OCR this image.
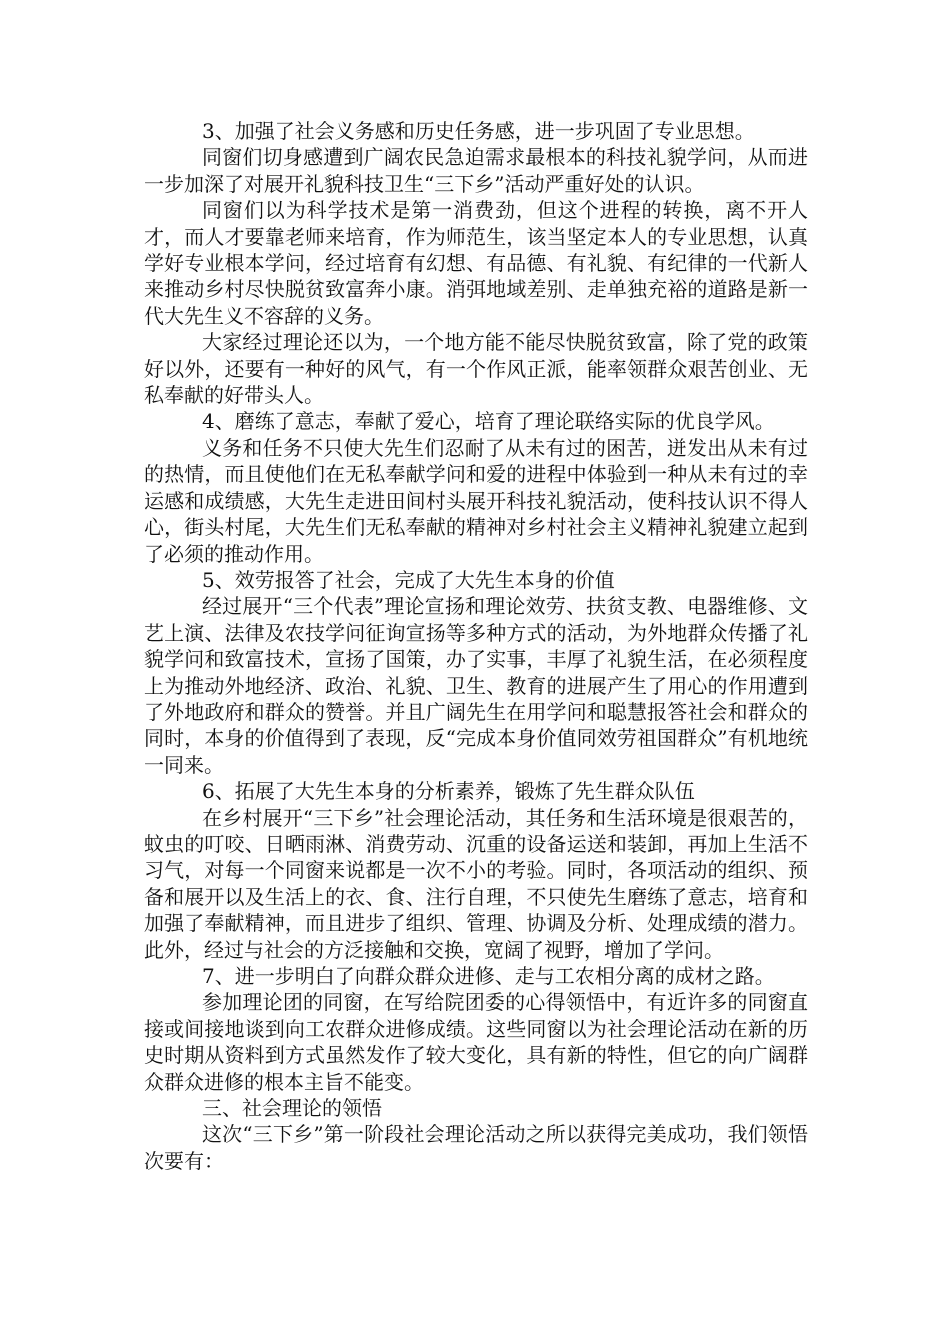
3、加强了社会义务感和历史任务感，进一步巩固了专业思想。

同窗们切身感遭到广阔农民急迫需求最根本的科技礼貌学问，从而进一步加深了对展开礼貌科技卫生“三下乡”活动严重好处的认识。

同窗们以为科学技术是第一消费劲，但这个进程的转换，离不开人才，而人才要靠老师来培育，作为师范生，该当坚定本人的专业思想，认真学好专业根本学问，经过培育有幻想、有品德、有礼貌、有纪律的一代新人来推动乡村尽快脱贫致富奔小康。消弭地域差别、走单独充裕的道路是新一代大先生义不容辞的义务。

大家经过理论还以为，一个地方能不能尽快脱贫致富，除了党的政策好以外，还要有一种好的风气，有一个作风正派，能率领群众艰苦创业、无私奉献的好带头人。

4、磨练了意志，奉献了爱心，培育了理论联络实际的优良学风。

义务和任务不只使大先生们忍耐了从未有过的困苦，迸发出从未有过的热情，而且使他们在无私奉献学问和爱的进程中体验到一种从未有过的幸运感和成绩感，大先生走进田间村头展开科技礼貌活动，使科技认识不得人心，街头村尾，大先生们无私奉献的精神对乡村社会主义精神礼貌建立起到了必须的推动作用。

5、效劳报答了社会，完成了大先生本身的价值

经过展开“三个代表”理论宣扬和理论效劳、扶贫支教、电器维修、文艺上演、法律及农技学问征询宣扬等多种方式的活动，为外地群众传播了礼貌学问和致富技术，宣扬了国策，办了实事，丰厚了礼貌生活，在必须程度上为推动外地经济、政治、礼貌、卫生、教育的进展产生了用心的作用遭到了外地政府和群众的赞誉。并且广阔先生在用学问和聪慧报答社会和群众的同时，本身的价值得到了表现，反“完成本身价值同效劳祖国群众”有机地统一同来。

6、拓展了大先生本身的分析素养，锻炼了先生群众队伍

在乡村展开“三下乡”社会理论活动，其任务和生活环境是很艰苦的，蚊虫的叮咬、日晒雨淋、消费劳动、沉重的设备运送和装卸，再加上生活不习气，对每一个同窗来说都是一次不小的考验。同时，各项活动的组织、预备和展开以及生活上的衣、食、注行自理，不只使先生磨练了意志，培育和加强了奉献精神，而且进步了组织、管理、协调及分析、处理成绩的潜力。此外，经过与社会的方泛接触和交换，宽阔了视野，增加了学问。

7、进一步明白了向群众群众进修、走与工农相分离的成材之路。

参加理论团的同窗，在写给院团委的心得领悟中，有近许多的同窗直接或间接地谈到向工农群众进修成绩。这些同窗以为社会理论活动在新的历史时期从资料到方式虽然发作了较大变化，具有新的特性，但它的向广阔群众群众进修的根本主旨不能变。

三、社会理论的领悟

这次“三下乡”第一阶段社会理论活动之所以获得完美成功，我们领悟次要有：
